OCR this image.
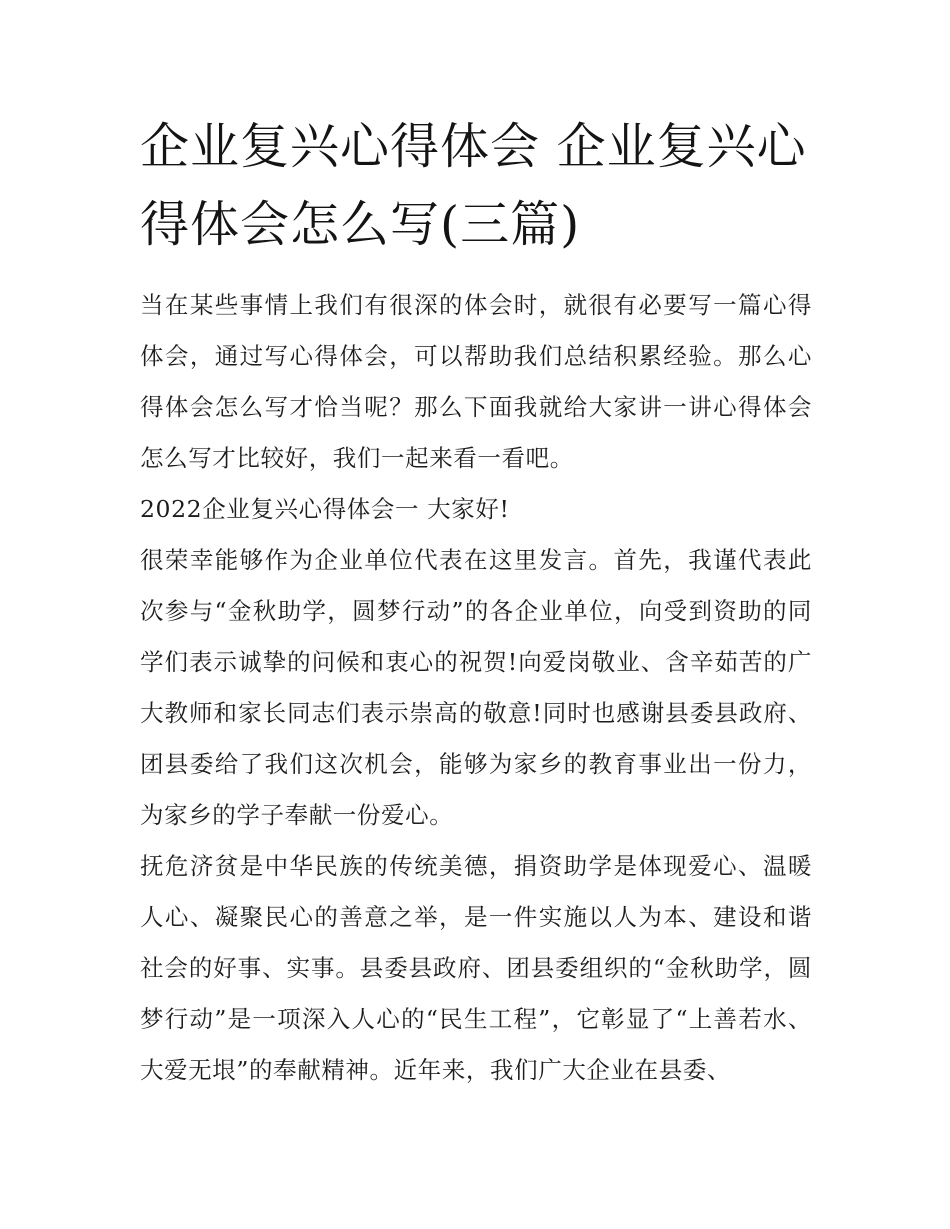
企业复兴心得体会 企业复兴心得体会怎么写(三篇)

当在某些事情上我们有很深的体会时，就很有必要写一篇心得体会，通过写心得体会，可以帮助我们总结积累经验。那么心得体会怎么写才恰当呢？那么下面我就给大家讲一讲心得体会怎么写才比较好，我们一起来看一看吧。

2022企业复兴心得体会一 大家好!

很荣幸能够作为企业单位代表在这里发言。首先，我谨代表此次参与“金秋助学，圆梦行动”的各企业单位，向受到资助的同学们表示诚挚的问候和衷心的祝贺!向爱岗敬业、含辛茹苦的广大教师和家长同志们表示崇高的敬意!同时也感谢县委县政府、团县委给了我们这次机会，能够为家乡的教育事业出一份力，为家乡的学子奉献一份爱心。

抚危济贫是中华民族的传统美德，捐资助学是体现爱心、温暖人心、凝聚民心的善意之举，是一件实施以人为本、建设和谐社会的好事、实事。县委县政府、团县委组织的“金秋助学，圆梦行动”是一项深入人心的“民生工程”，它彰显了“上善若水、大爱无垠”的奉献精神。近年来，我们广大企业在县委、
